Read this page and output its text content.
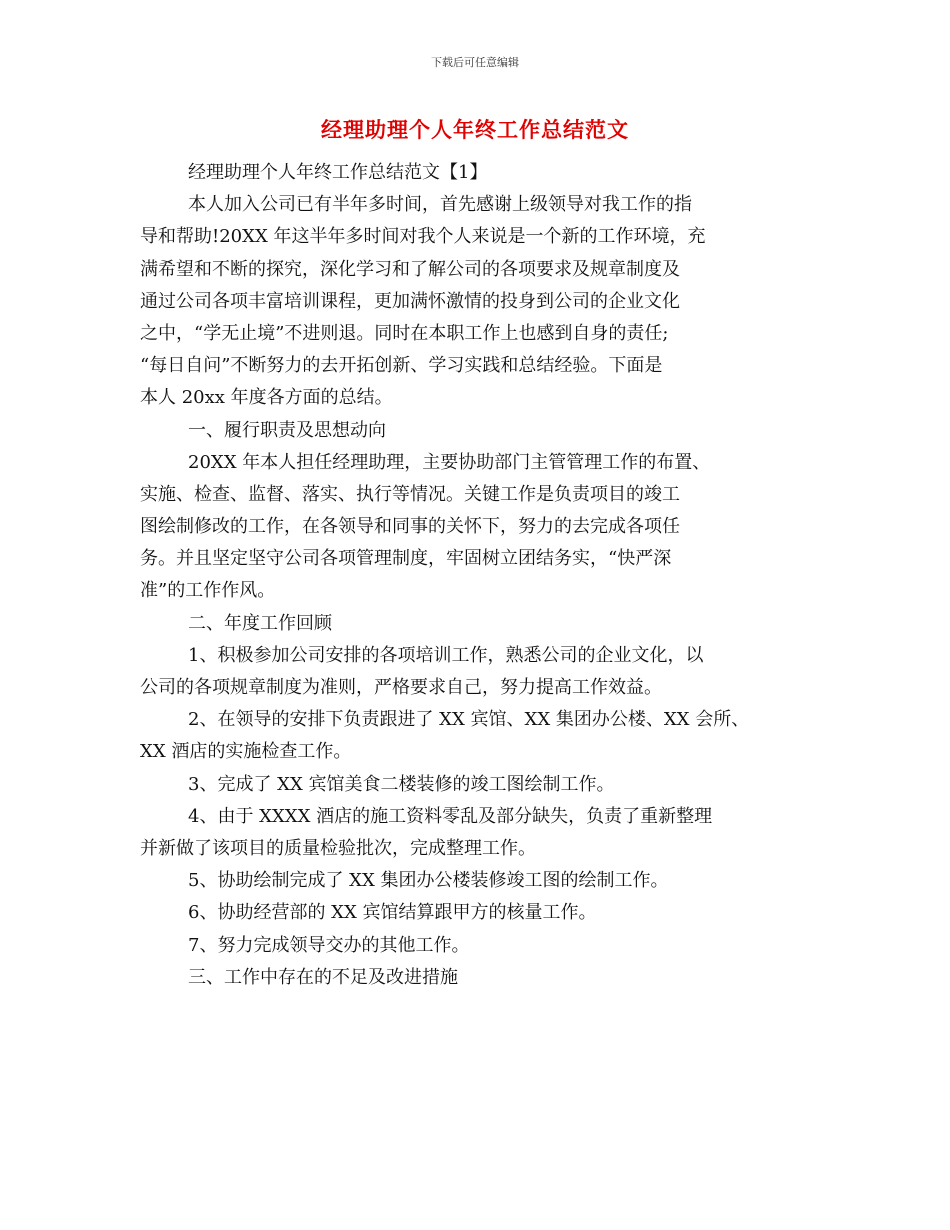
下载后可任意编辑
经理助理个人年终工作总结范文
经理助理个人年终工作总结范文【1】
本人加入公司已有半年多时间，首先感谢上级领导对我工作的指
导和帮助!20XX 年这半年多时间对我个人来说是一个新的工作环境，充
满希望和不断的探究，深化学习和了解公司的各项要求及规章制度及
通过公司各项丰富培训课程，更加满怀激情的投身到公司的企业文化
之中，“学无止境”不进则退。同时在本职工作上也感到自身的责任;
“每日自问”不断努力的去开拓创新、学习实践和总结经验。下面是
本人 20xx 年度各方面的总结。
一、履行职责及思想动向
20XX 年本人担任经理助理，主要协助部门主管管理工作的布置、
实施、检查、监督、落实、执行等情况。关键工作是负责项目的竣工
图绘制修改的工作，在各领导和同事的关怀下，努力的去完成各项任
务。并且坚定坚守公司各项管理制度，牢固树立团结务实，“快严深
准”的工作作风。
二、年度工作回顾
1、积极参加公司安排的各项培训工作，熟悉公司的企业文化，以
公司的各项规章制度为准则，严格要求自己，努力提高工作效益。
2、在领导的安排下负责跟进了 XX 宾馆、XX 集团办公楼、XX 会所、
XX 酒店的实施检查工作。
3、完成了 XX 宾馆美食二楼装修的竣工图绘制工作。
4、由于 XXXX 酒店的施工资料零乱及部分缺失，负责了重新整理
并新做了该项目的质量检验批次，完成整理工作。
5、协助绘制完成了 XX 集团办公楼装修竣工图的绘制工作。
6、协助经营部的 XX 宾馆结算跟甲方的核量工作。
7、努力完成领导交办的其他工作。
三、工作中存在的不足及改进措施
